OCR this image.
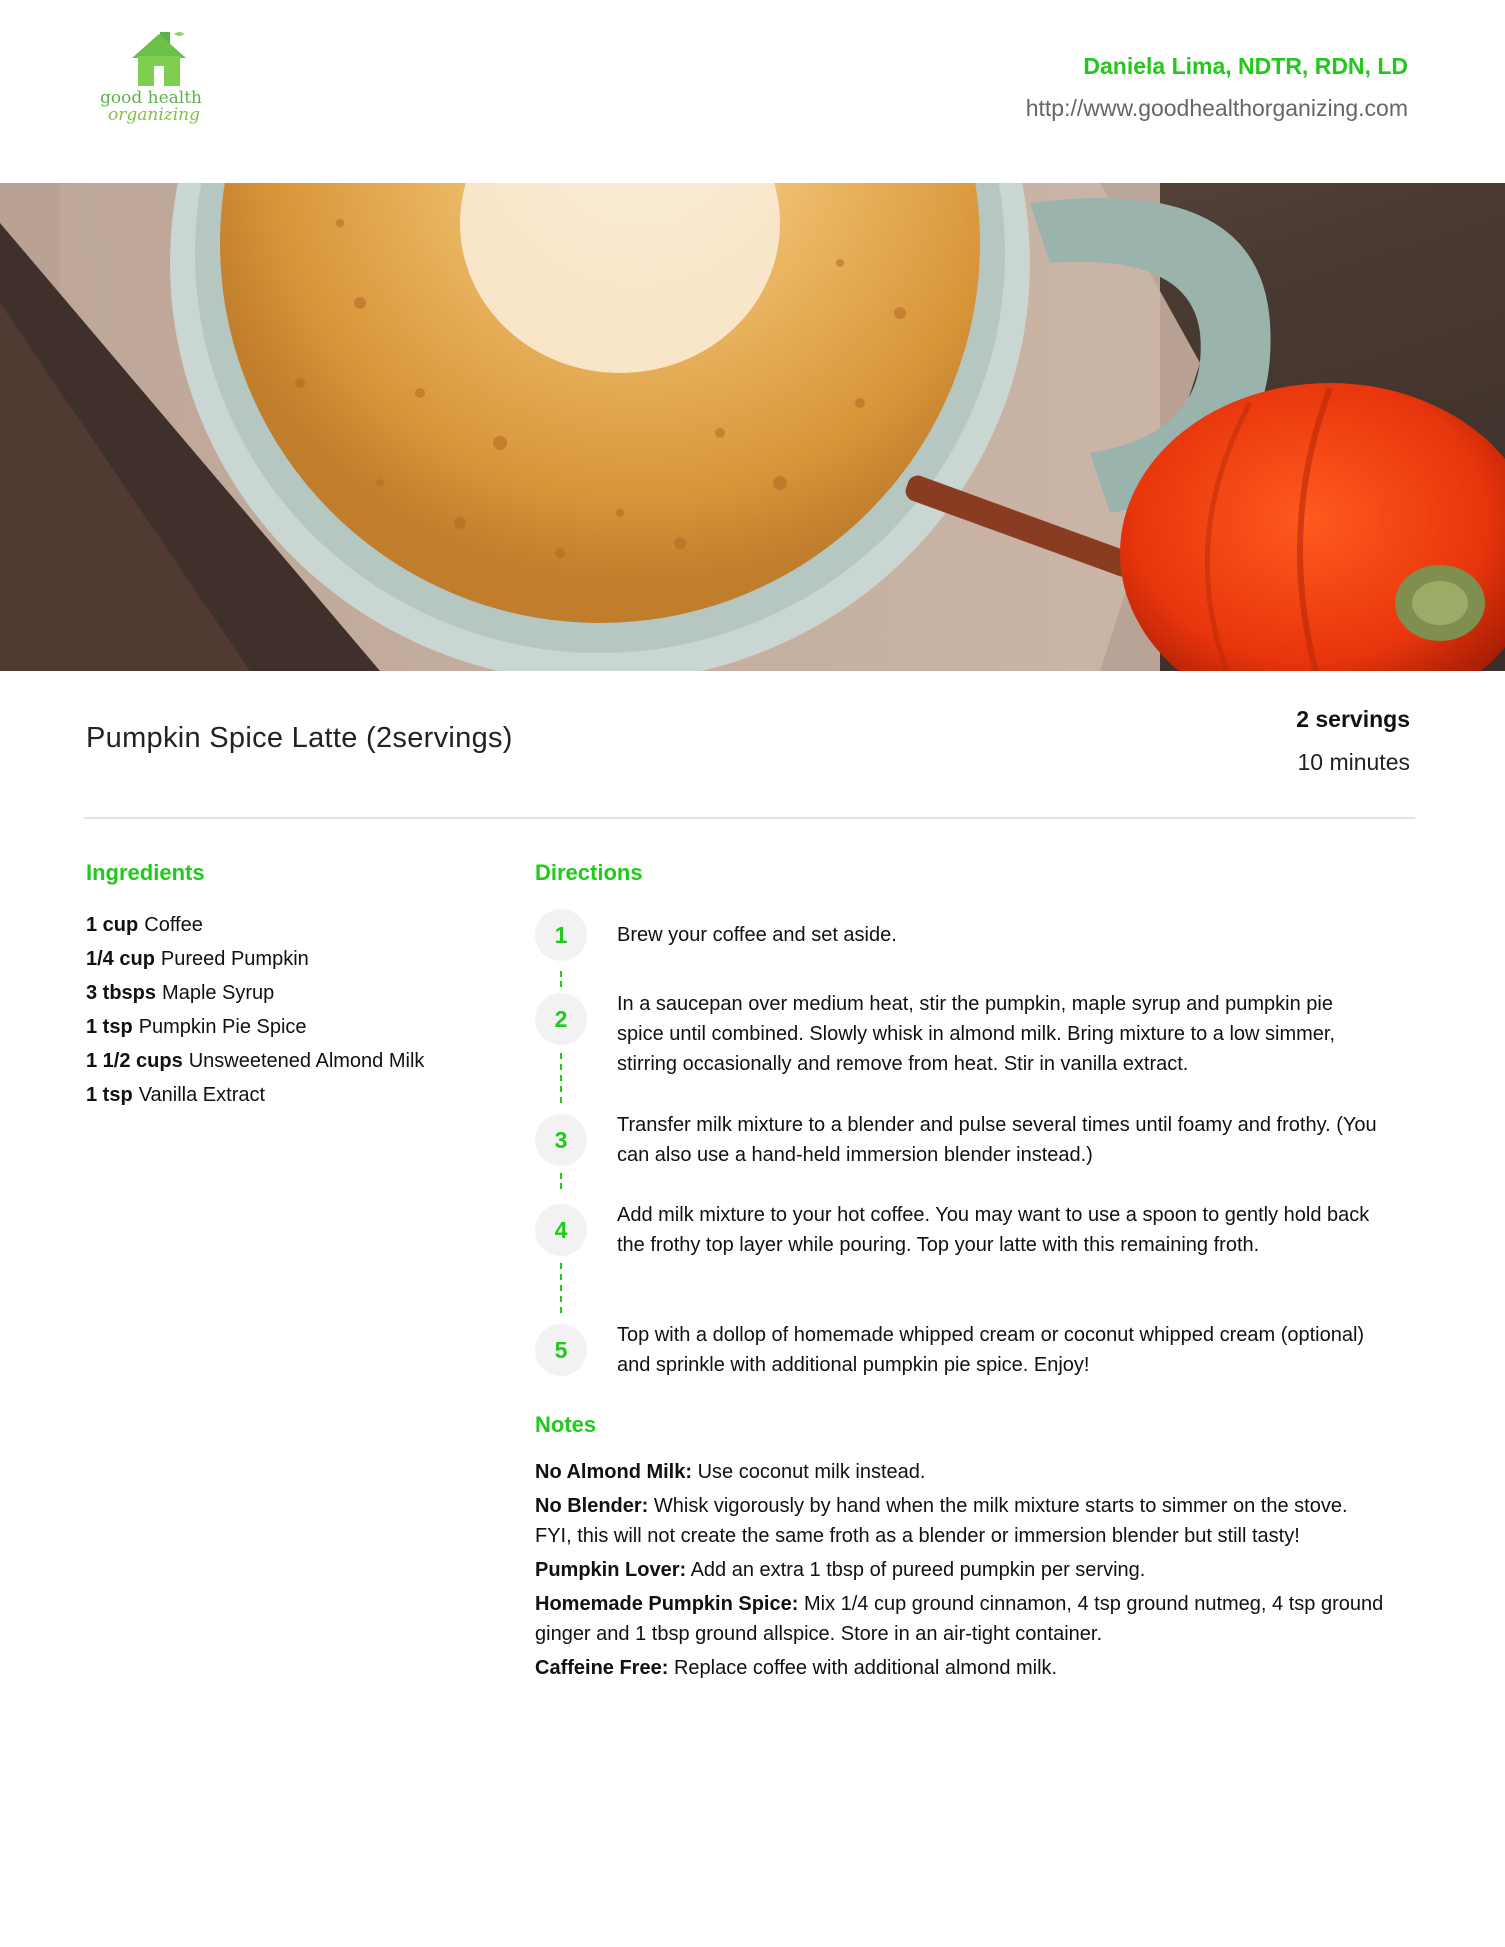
good health
organizing
Daniela Lima, NDTR, RDN, LD
http://www.goodhealthorganizing.com
Pumpkin Spice Latte (2servings)
2 servings
10 minutes
Ingredients
1 cup Coffee
1/4 cup Pureed Pumpkin
3 tbsps Maple Syrup
1 tsp Pumpkin Pie Spice
1 1/2 cups Unsweetened Almond Milk
1 tsp Vanilla Extract
Directions
1	Brew your coffee and set aside.
2
In a saucepan over medium heat, stir the pumpkin, maple syrup and pumpkin pie spice until combined. Slowly whisk in almond milk. Bring mixture to a low simmer, stirring occasionally and remove from heat. Stir in vanilla extract.
3
Transfer milk mixture to a blender and pulse several times until foamy and frothy. (You can also use a hand-held immersion blender instead.)
4
Add milk mixture to your hot coffee. You may want to use a spoon to gently hold back the frothy top layer while pouring. Top your latte with this remaining froth.
5
Top with a dollop of homemade whipped cream or coconut whipped cream (optional) and sprinkle with additional pumpkin pie spice. Enjoy!
Notes

No Almond Milk: Use coconut milk instead.

No Blender: Whisk vigorously by hand when the milk mixture starts to simmer on the stove. FYI, this will not create the same froth as a blender or immersion blender but still tasty!

Pumpkin Lover: Add an extra 1 tbsp of pureed pumpkin per serving.

Homemade Pumpkin Spice: Mix 1/4 cup ground cinnamon, 4 tsp ground nutmeg, 4 tsp ground ginger and 1 tbsp ground allspice. Store in an air-tight container.

Caffeine Free: Replace coffee with additional almond milk.
